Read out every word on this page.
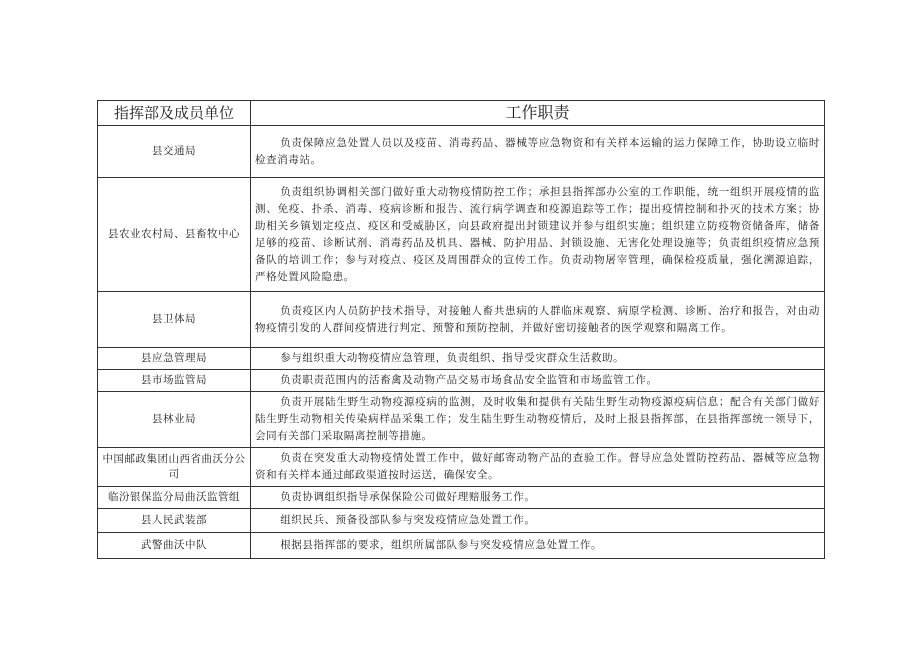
指挥部及成员单位	工作职责
县交通局	负责保障应急处置人员以及疫苗、消毒药品、器械等应急物资和有关样本运输的运力保障工作，协助设立临时检查消毒站。
县农业农村局、县畜牧中心	负责组织协调相关部门做好重大动物疫情防控工作；承担县指挥部办公室的工作职能，统一组织开展疫情的监测、免疫、扑杀、消毒、疫病诊断和报告、流行病学调查和疫源追踪等工作；提出疫情控制和扑灭的技术方案；协助相关乡镇划定疫点、疫区和受威胁区，向县政府提出封锁建议并参与组织实施；组织建立防疫物资储备库，储备足够的疫苗、诊断试剂、消毒药品及机具、器械、防护用品、封锁设施、无害化处理设施等；负责组织疫情应急预备队的培训工作；参与对疫点、疫区及周围群众的宣传工作。负责动物屠宰管理，确保检疫质量，强化溯源追踪，严格处置风险隐患。
县卫体局	负责疫区内人员防护技术指导，对接触人畜共患病的人群临床观察、病原学检测、诊断、治疗和报告，对由动物疫情引发的人群间疫情进行判定、预警和预防控制，并做好密切接触者的医学观察和隔离工作。
县应急管理局	参与组织重大动物疫情应急管理，负责组织、指导受灾群众生活救助。
县市场监管局	负责职责范围内的活畜禽及动物产品交易市场食品安全监管和市场监管工作。
县林业局	负责开展陆生野生动物疫源疫病的监测，及时收集和提供有关陆生野生动物疫源疫病信息；配合有关部门做好陆生野生动物相关传染病样品采集工作；发生陆生野生动物疫情后，及时上报县指挥部，在县指挥部统一领导下，会同有关部门采取隔离控制等措施。
中国邮政集团山西省曲沃分公司	负责在突发重大动物疫情处置工作中，做好邮寄动物产品的查验工作。督导应急处置防控药品、器械等应急物资和有关样本通过邮政渠道按时运送，确保安全。
临汾银保监分局曲沃监管组	负责协调组织指导承保保险公司做好理赔服务工作。
县人民武装部	组织民兵、预备役部队参与突发疫情应急处置工作。
武警曲沃中队	根据县指挥部的要求，组织所属部队参与突发疫情应急处置工作。
